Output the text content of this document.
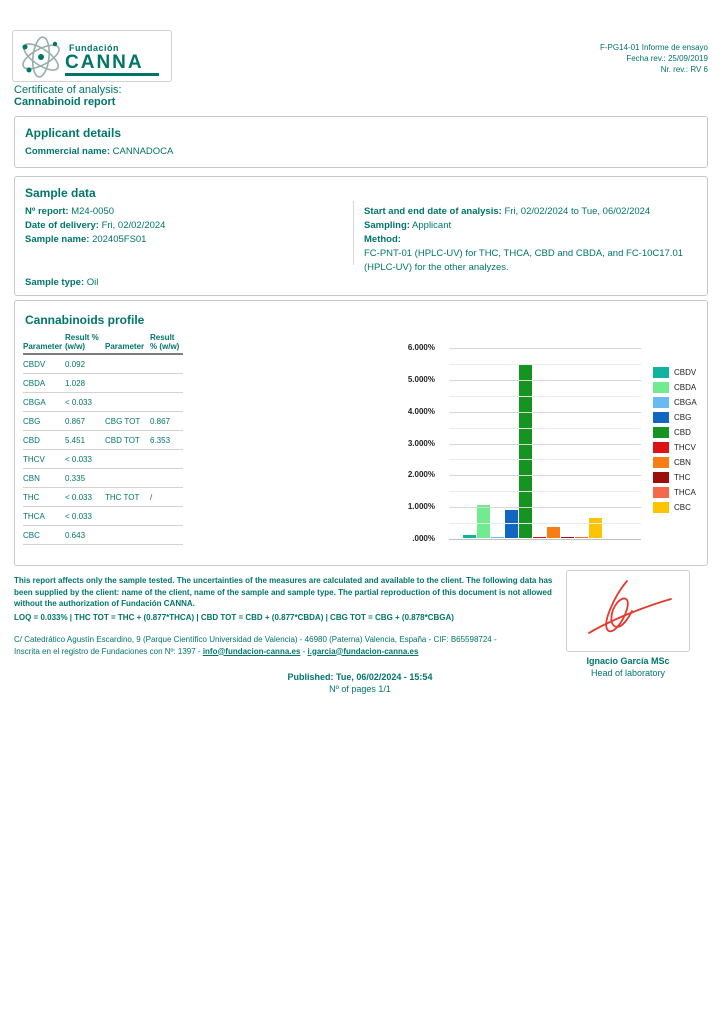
Fundación
CANNA
F-PG14-01 Informe de ensayo
Fecha rev.: 25/09/2019
Nr. rev.: RV 6
Certificate of analysis:
Cannabinoid report
Applicant details
Commercial name: CANNADOCA
Sample data
Nº report: M24-0050
Date of delivery: Fri, 02/02/2024
Sample name: 202405FS01
Start and end date of analysis: Fri, 02/02/2024 to Tue, 06/02/2024
Sampling: Applicant
Method:
FC-PNT-01 (HPLC-UV) for THC, THCA, CBD and CBDA, and FC-10C17.01 (HPLC-UV) for the other analyzes.
Sample type: Oil
Cannabinoids profile
Parameter
Result % (w/w)	Parameter
Result % (w/w)
CBDV	0.092
CBDA	1.028
CBGA	< 0.033
CBG	0.867	CBG TOT	0.867
CBD	5.451	CBD TOT	6.353
THCV	< 0.033
CBN	0.335
THC	< 0.033	THC TOT	/
THCA	< 0.033
CBC	0.643	.000%
1.000%
2.000%
3.000%
4.000%
5.000%
6.000%
CBDV
CBDA
CBGA
CBG
CBD
THCV
CBN
THC
THCA
CBC
This report affects only the sample tested. The uncertainties of the measures are calculated and available to the client. The following data has been supplied by the client: name of the client, name of the sample and sample type. The partial reproduction of this document is not allowed without the authorization of Fundación CANNA.
LOQ = 0.033% | THC TOT = THC + (0.877*THCA) | CBD TOT = CBD + (0.877*CBDA) | CBG TOT = CBG + (0.878*CBGA)
C/ Catedrático Agustín Escardino, 9 (Parque Científico Universidad de Valencia) - 46980 (Paterna) Valencia, España - CIF: B65598724 -
Inscrita en el registro de Fundaciones con Nº: 1397 - info@fundacion-canna.es - i.garcia@fundacion-canna.es
Ignacio García MSc
Head of laboratory
Published: Tue, 06/02/2024 - 15:54
Nº of pages 1/1
